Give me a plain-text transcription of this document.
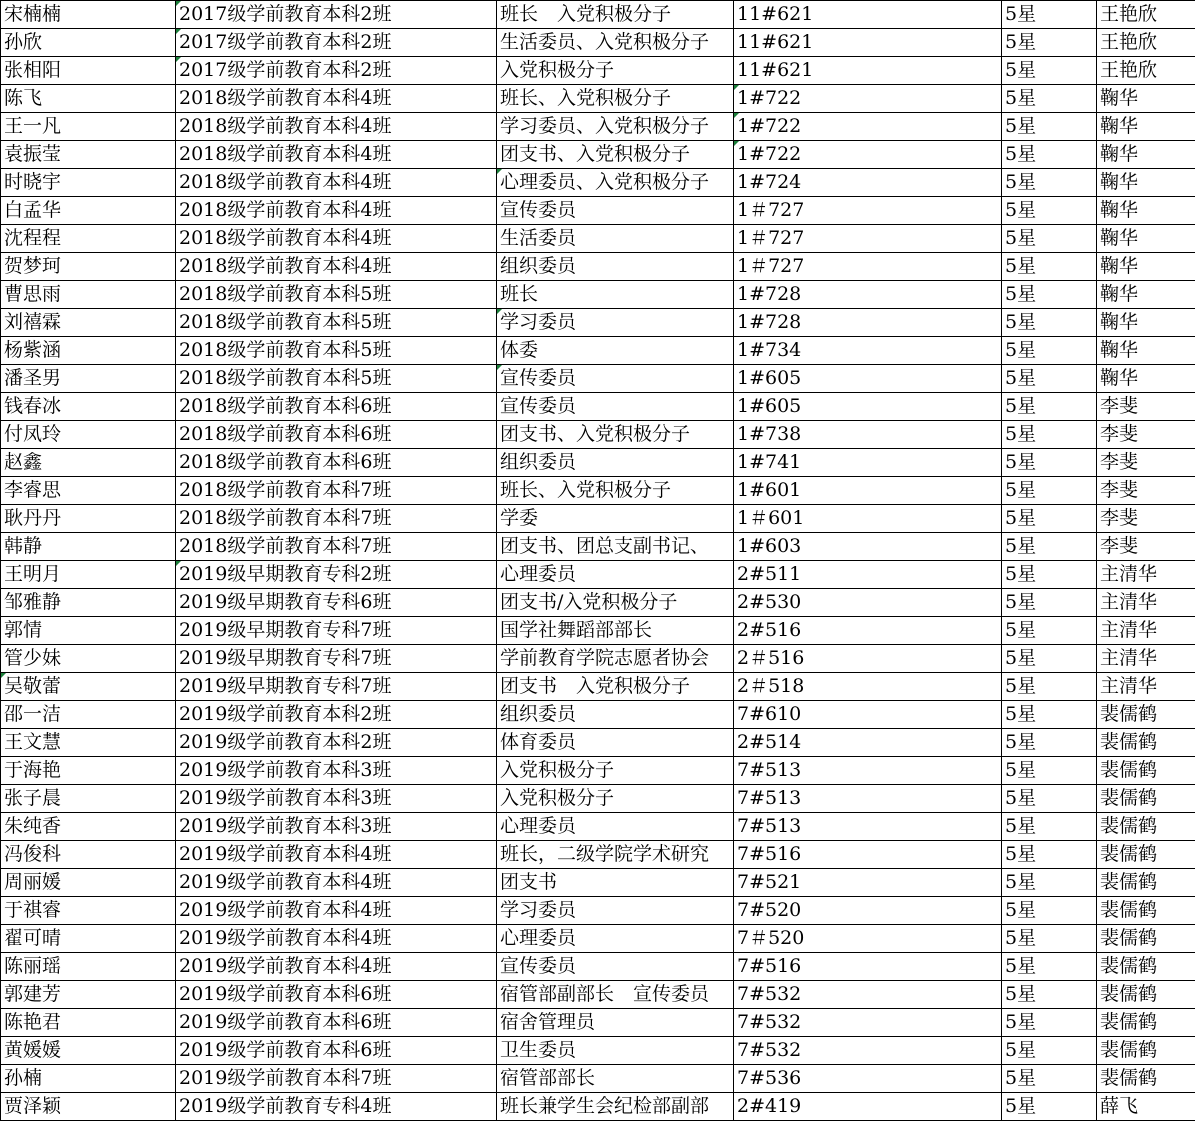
宋楠楠	2017级学前教育本科2班	班长　入党积极分子	11#621	5星	王艳欣
孙欣	2017级学前教育本科2班	生活委员、入党积极分子	11#621	5星	王艳欣
张相阳	2017级学前教育本科2班	入党积极分子	11#621	5星	王艳欣
陈飞	2018级学前教育本科4班	班长、入党积极分子	1#722	5星	鞠华
王一凡	2018级学前教育本科4班	学习委员、入党积极分子	1#722	5星	鞠华
袁振莹	2018级学前教育本科4班	团支书、入党积极分子	1#722	5星	鞠华
时晓宇	2018级学前教育本科4班	心理委员、入党积极分子	1#724	5星	鞠华
白孟华	2018级学前教育本科4班	宣传委员	1＃727	5星	鞠华
沈程程	2018级学前教育本科4班	生活委员	1＃727	5星	鞠华
贺梦珂	2018级学前教育本科4班	组织委员	1＃727	5星	鞠华
曹思雨	2018级学前教育本科5班	班长	1#728	5星	鞠华
刘禧霖	2018级学前教育本科5班	学习委员	1#728	5星	鞠华
杨紫涵	2018级学前教育本科5班	体委	1#734	5星	鞠华
潘圣男	2018级学前教育本科5班	宣传委员	1#605	5星	鞠华
钱春冰	2018级学前教育本科6班	宣传委员	1#605	5星	李斐
付凤玲	2018级学前教育本科6班	团支书、入党积极分子	1#738	5星	李斐
赵鑫	2018级学前教育本科6班	组织委员	1#741	5星	李斐
李睿思	2018级学前教育本科7班	班长、入党积极分子	1#601	5星	李斐
耿丹丹	2018级学前教育本科7班	学委	1＃601	5星	李斐
韩静	2018级学前教育本科7班	团支书、团总支副书记、	1#603	5星	李斐
王明月	2019级早期教育专科2班	心理委员	2#511	5星	主清华
邹雅静	2019级早期教育专科6班	团支书/入党积极分子	2#530	5星	主清华
郭情	2019级早期教育专科7班	国学社舞蹈部部长	2#516	5星	主清华
管少妹	2019级早期教育专科7班	学前教育学院志愿者协会	2＃516	5星	主清华
吴敬蕾	2019级早期教育专科7班	团支书　入党积极分子	2＃518	5星	主清华
邵一洁	2019级学前教育本科2班	组织委员	7#610	5星	裴儒鹤
王文慧	2019级学前教育本科2班	体育委员	2#514	5星	裴儒鹤
于海艳	2019级学前教育本科3班	入党积极分子	7#513	5星	裴儒鹤
张子晨	2019级学前教育本科3班	入党积极分子	7#513	5星	裴儒鹤
朱纯香	2019级学前教育本科3班	心理委员	7#513	5星	裴儒鹤
冯俊科	2019级学前教育本科4班	班长，二级学院学术研究	7#516	5星	裴儒鹤
周丽媛	2019级学前教育本科4班	团支书	7#521	5星	裴儒鹤
于祺睿	2019级学前教育本科4班	学习委员	7#520	5星	裴儒鹤
翟可晴	2019级学前教育本科4班	心理委员	7＃520	5星	裴儒鹤
陈丽瑶	2019级学前教育本科4班	宣传委员	7#516	5星	裴儒鹤
郭建芳	2019级学前教育本科6班	宿管部副部长　宣传委员	7#532	5星	裴儒鹤
陈艳君	2019级学前教育本科6班	宿舍管理员	7#532	5星	裴儒鹤
黄媛媛	2019级学前教育本科6班	卫生委员	7#532	5星	裴儒鹤
孙楠	2019级学前教育本科7班	宿管部部长	7#536	5星	裴儒鹤
贾泽颖	2019级学前教育专科4班	班长兼学生会纪检部副部	2#419	5星	薛飞
